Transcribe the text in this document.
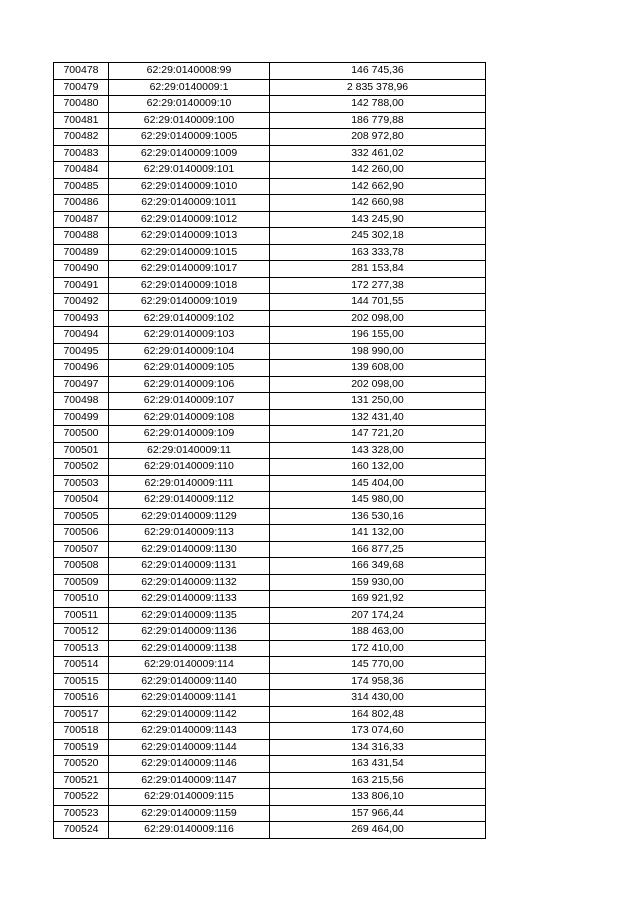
700478	62:29:0140008:99	146 745,36
700479	62:29:0140009:1	2 835 378,96
700480	62:29:0140009:10	142 788,00
700481	62:29:0140009:100	186 779,88
700482	62:29:0140009:1005	208 972,80
700483	62:29:0140009:1009	332 461,02
700484	62:29:0140009:101	142 260,00
700485	62:29:0140009:1010	142 662,90
700486	62:29:0140009:1011	142 660,98
700487	62:29:0140009:1012	143 245,90
700488	62:29:0140009:1013	245 302,18
700489	62:29:0140009:1015	163 333,78
700490	62:29:0140009:1017	281 153,84
700491	62:29:0140009:1018	172 277,38
700492	62:29:0140009:1019	144 701,55
700493	62:29:0140009:102	202 098,00
700494	62:29:0140009:103	196 155,00
700495	62:29:0140009:104	198 990,00
700496	62:29:0140009:105	139 608,00
700497	62:29:0140009:106	202 098,00
700498	62:29:0140009:107	131 250,00
700499	62:29:0140009:108	132 431,40
700500	62:29:0140009:109	147 721,20
700501	62:29:0140009:11	143 328,00
700502	62:29:0140009:110	160 132,00
700503	62:29:0140009:111	145 404,00
700504	62:29:0140009:112	145 980,00
700505	62:29:0140009:1129	136 530,16
700506	62:29:0140009:113	141 132,00
700507	62:29:0140009:1130	166 877,25
700508	62:29:0140009:1131	166 349,68
700509	62:29:0140009:1132	159 930,00
700510	62:29:0140009:1133	169 921,92
700511	62:29:0140009:1135	207 174,24
700512	62:29:0140009:1136	188 463,00
700513	62:29:0140009:1138	172 410,00
700514	62:29:0140009:114	145 770,00
700515	62:29:0140009:1140	174 958,36
700516	62:29:0140009:1141	314 430,00
700517	62:29:0140009:1142	164 802,48
700518	62:29:0140009:1143	173 074,60
700519	62:29:0140009:1144	134 316,33
700520	62:29:0140009:1146	163 431,54
700521	62:29:0140009:1147	163 215,56
700522	62:29:0140009:115	133 806,10
700523	62:29:0140009:1159	157 966,44
700524	62:29:0140009:116	269 464,00
